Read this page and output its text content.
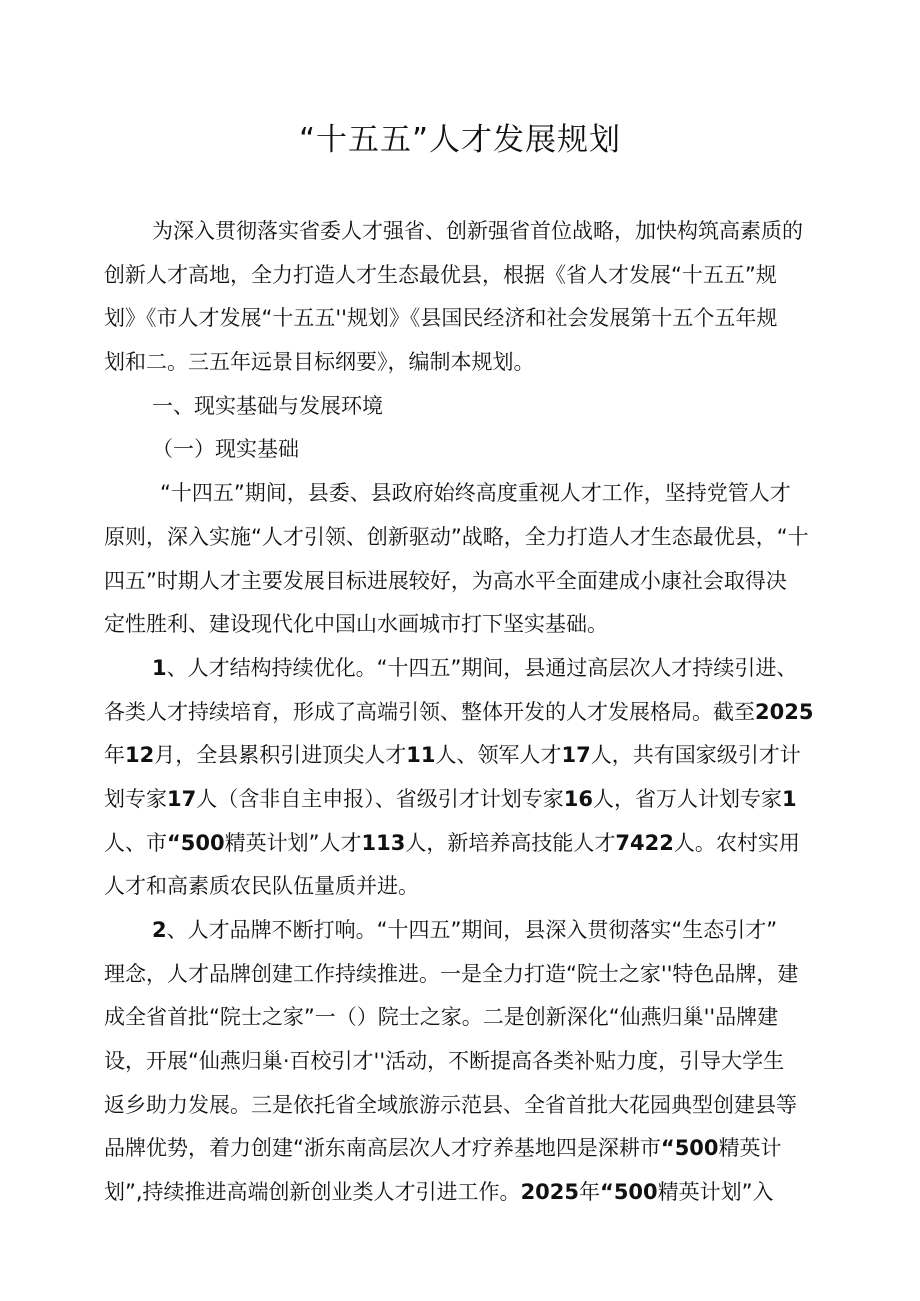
“十五五”人才发展规划
为深入贯彻落实省委人才强省、创新强省首位战略，加快构筑高素质的
创新人才高地，全力打造人才生态最优县，根据《省人才发展“十五五”规
划》《市人才发展“十五五''规划》《县国民经济和社会发展第十五个五年规
划和二。三五年远景目标纲要》，编制本规划。
一、现实基础与发展环境
（一）现实基础
“十四五”期间，县委、县政府始终高度重视人才工作，坚持党管人才
原则，深入实施“人才引领、创新驱动”战略，全力打造人才生态最优县，“十
四五”时期人才主要发展目标进展较好，为高水平全面建成小康社会取得决
定性胜利、建设现代化中国山水画城市打下坚实基础。
1、人才结构持续优化。“十四五”期间，县通过高层次人才持续引进、
各类人才持续培育，形成了高端引领、整体开发的人才发展格局。截至2025
年12月，全县累积引进顶尖人才11人、领军人才17人，共有国家级引才计
划专家17人（含非自主申报）、省级引才计划专家16人，省万人计划专家1
人、市“500精英计划”人才113人，新培养高技能人才7422人。农村实用
人才和高素质农民队伍量质并进。
2、人才品牌不断打响。“十四五”期间，县深入贯彻落实“生态引才”
理念，人才品牌创建工作持续推进。一是全力打造“院士之家''特色品牌，建
成全省首批“院士之家”一（）院士之家。二是创新深化“仙燕归巢''品牌建
设，开展“仙燕归巢·百校引才''活动，不断提高各类补贴力度，引导大学生
返乡助力发展。三是依托省全域旅游示范县、全省首批大花园典型创建县等
品牌优势，着力创建“浙东南高层次人才疗养基地四是深耕市“500精英计
划”,持续推进高端创新创业类人才引进工作。2025年“500精英计划”入
